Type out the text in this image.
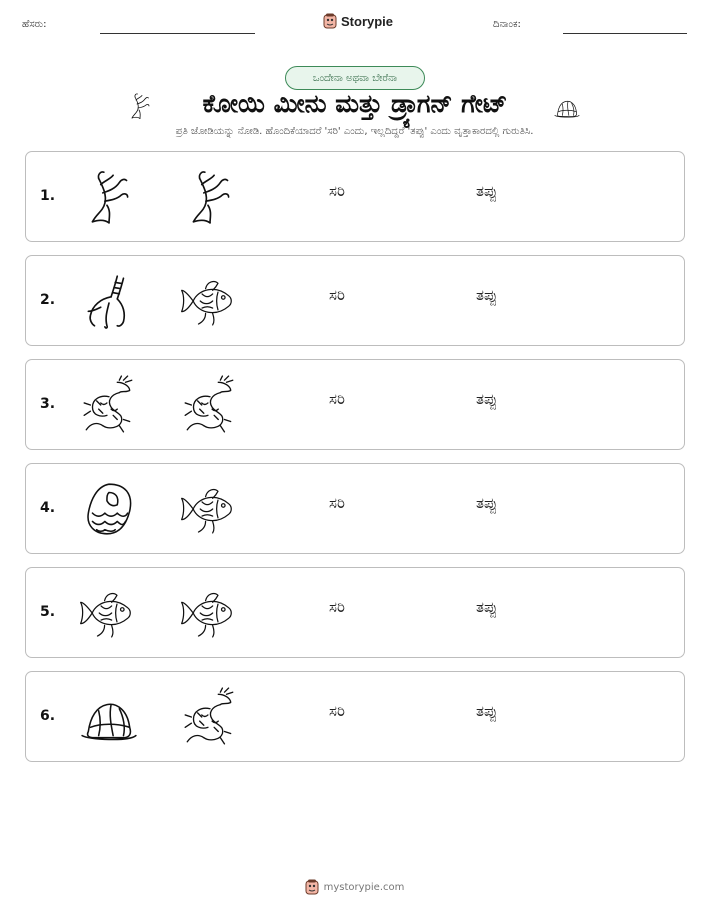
ಹೆಸರು:	Storypie	ದಿನಾಂಕ:
ಒಂದೇನಾ ಅಥವಾ ಬೇರೆನಾ
ಕೋಯಿ ಮೀನು ಮತ್ತು ಡ್ರ್ಯಾಗನ್ ಗೇಟ್
ಪ್ರತಿ ಜೋಡಿಯನ್ನು ನೋಡಿ. ಹೊಂದಿಕೆಯಾದರೆ 'ಸರಿ' ಎಂದು, ಇಲ್ಲದಿದ್ದರೆ 'ತಪ್ಪು' ಎಂದು ವೃತ್ತಾಕಾರದಲ್ಲಿ ಗುರುತಿಸಿ.
1.	ಸರಿ	ತಪ್ಪು
2.	ಸರಿ	ತಪ್ಪು
3.	ಸರಿ	ತಪ್ಪು
4.	ಸರಿ	ತಪ್ಪು
5.	ಸರಿ	ತಪ್ಪು
6.	ಸರಿ	ತಪ್ಪು
mystorypie.com
